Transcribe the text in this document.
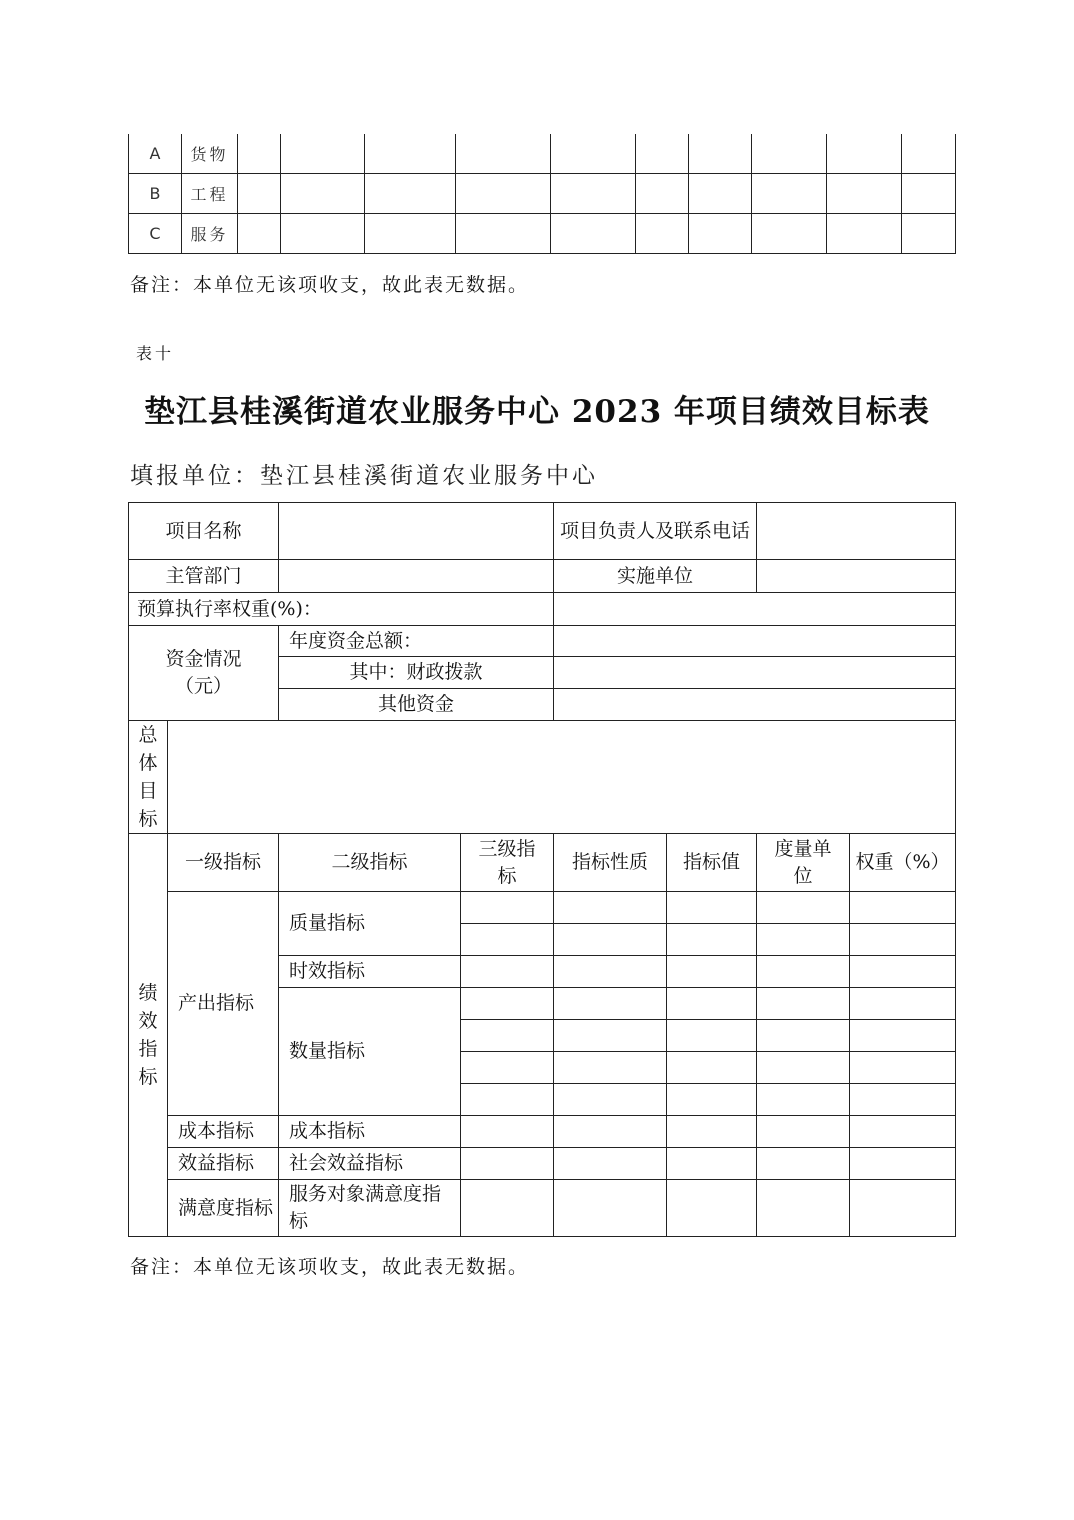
A	货物										
B	工程										
C	服务										
备注：本单位无该项收支，故此表无数据。
表十
垫江县桂溪街道农业服务中心 2023 年项目绩效目标表
填报单位：垫江县桂溪街道农业服务中心
项目名称				项目负责人及联系电话			
主管部门				实施单位			
预算执行率权重(%)：							
资金情况（元）		年度资金总额：					
		其中：财政拨款					
		其他资金					

总
体
目
标							

绩
效
指
标	一级指标	二级指标	三级指标	指标性质	指标值	度量单位	权重（%）
	产出指标	质量指标					

		时效指标					
		数量指标					

	成本指标	成本指标					
	效益指标	社会效益指标					
	满意度指标	服务对象满意度指标					
备注：本单位无该项收支，故此表无数据。
